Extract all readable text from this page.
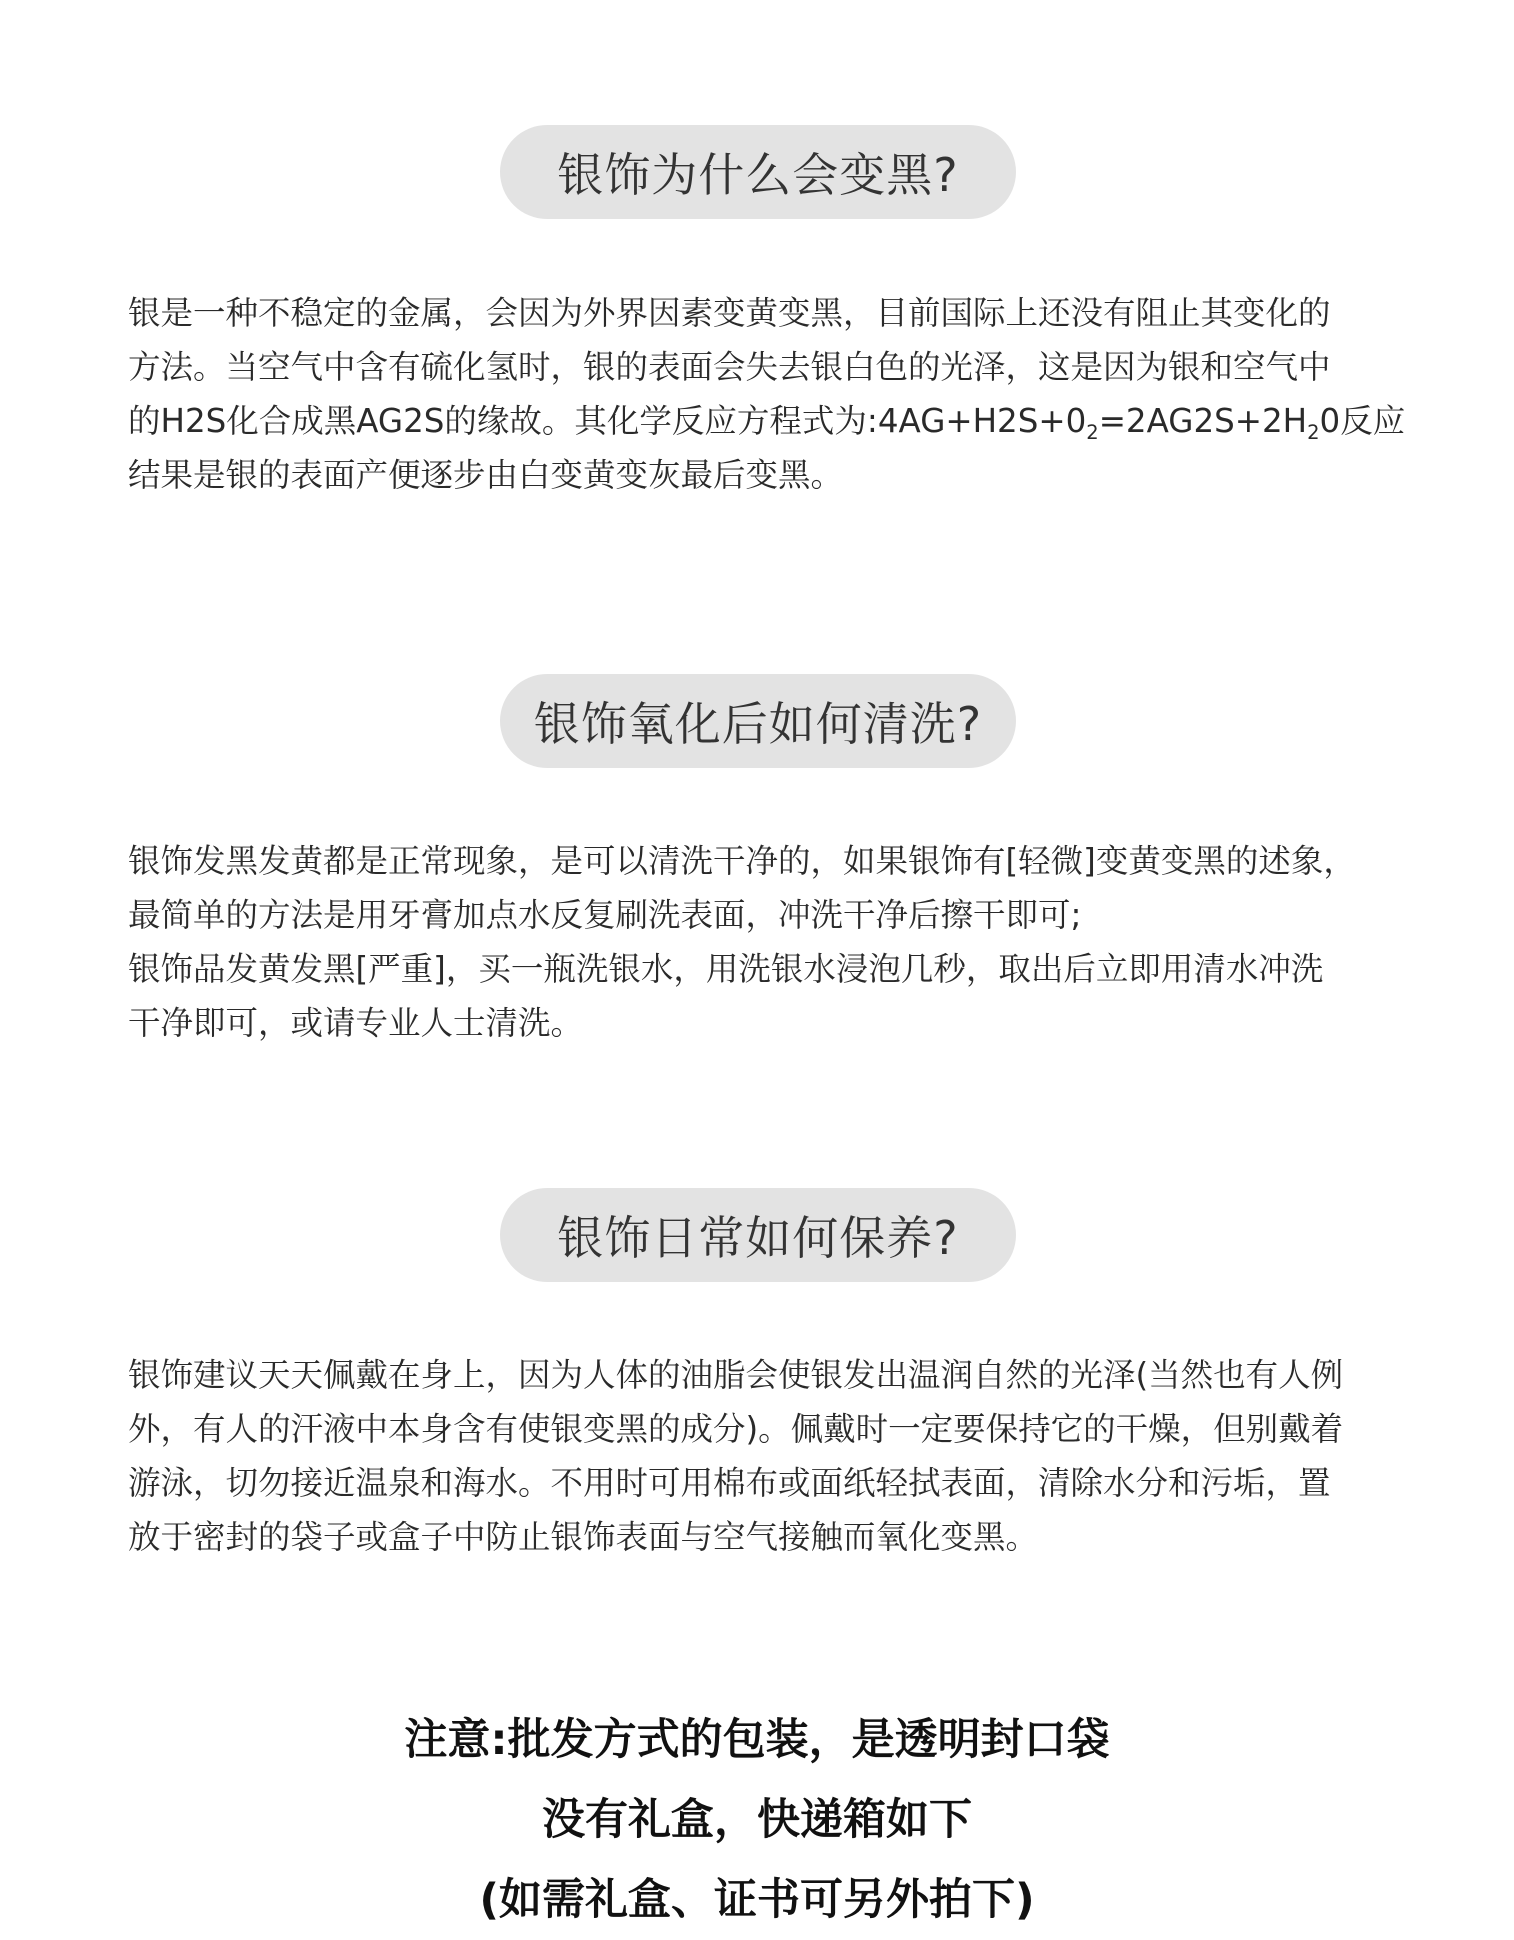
银饰为什么会变黑?

银是一种不稳定的金属，会因为外界因素变黄变黑，目前国际上还没有阻止其变化的

方法。当空气中含有硫化氢时，银的表面会失去银白色的光泽，这是因为银和空气中

的H2S化合成黑AG2S的缘故。其化学反应方程式为$:4AG+H2S+0_2=2AG2S+2H_20$反应

结果是银的表面产便逐步由白变黄变灰最后变黑。

银饰氧化后如何清洗?

银饰发黑发黄都是正常现象，是可以清洗干净的，如果银饰有[轻微]变黄变黑的述象，

最简单的方法是用牙膏加点水反复刷洗表面，冲洗干净后擦干即可;

银饰品发黄发黑[严重]，买一瓶洗银水，用洗银水浸泡几秒，取出后立即用清水冲洗

干净即可，或请专业人士清洗。

银饰日常如何保养?

银饰建议天天佩戴在身上，因为人体的油脂会使银发出温润自然的光泽(当然也有人例

外，有人的汗液中本身含有使银变黑的成分)。佩戴时一定要保持它的干燥，但别戴着

游泳，切勿接近温泉和海水。不用时可用棉布或面纸轻拭表面，清除水分和污垢，置

放于密封的袋子或盒子中防止银饰表面与空气接触而氧化变黑。

注意:批发方式的包装，是透明封口袋
没有礼盒，快递箱如下
(如需礼盒、证书可另外拍下)
